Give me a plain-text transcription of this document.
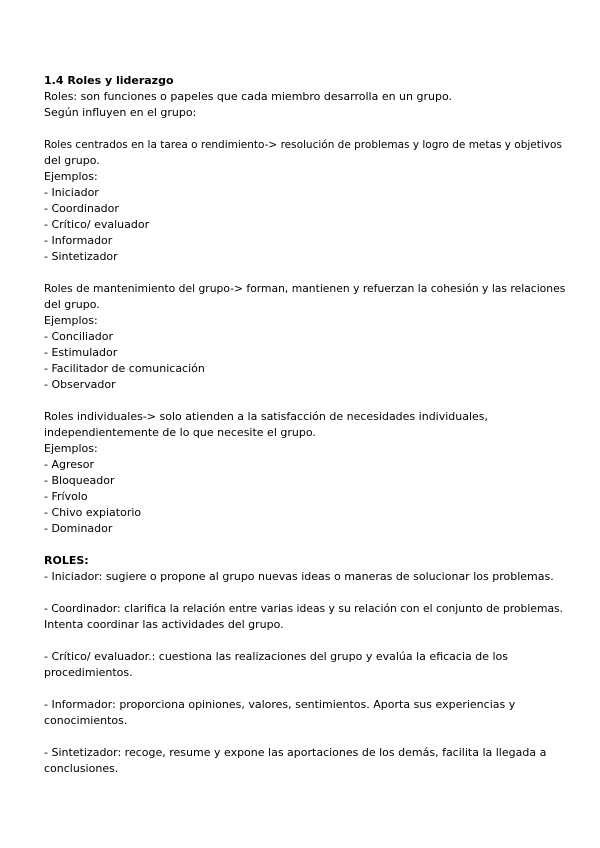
1.4 Roles y liderazgo
Roles: son funciones o papeles que cada miembro desarrolla en un grupo.
Según influyen en el grupo:
Roles centrados en la tarea o rendimiento-> resolución de problemas y logro de metas y objetivos
del grupo.
Ejemplos:
- Iniciador
- Coordinador
- Crítico/ evaluador
- Informador
- Sintetizador
Roles de mantenimiento del grupo-> forman, mantienen y refuerzan la cohesión y las relaciones
del grupo.
Ejemplos:
- Conciliador
- Estimulador
- Facilitador de comunicación
- Observador
Roles individuales-> solo atienden a la satisfacción de necesidades individuales,
independientemente de lo que necesite el grupo.
Ejemplos:
- Agresor
- Bloqueador
- Frívolo
- Chivo expiatorio
- Dominador
ROLES:
- Iniciador: sugiere o propone al grupo nuevas ideas o maneras de solucionar los problemas.
- Coordinador: clarifica la relación entre varias ideas y su relación con el conjunto de problemas.
Intenta coordinar las actividades del grupo.
- Crítico/ evaluador.: cuestiona las realizaciones del grupo y evalúa la eficacia de los
procedimientos.
- Informador: proporciona opiniones, valores, sentimientos. Aporta sus experiencias y
conocimientos.
- Sintetizador: recoge, resume y expone las aportaciones de los demás, facilita la llegada a
conclusiones.
